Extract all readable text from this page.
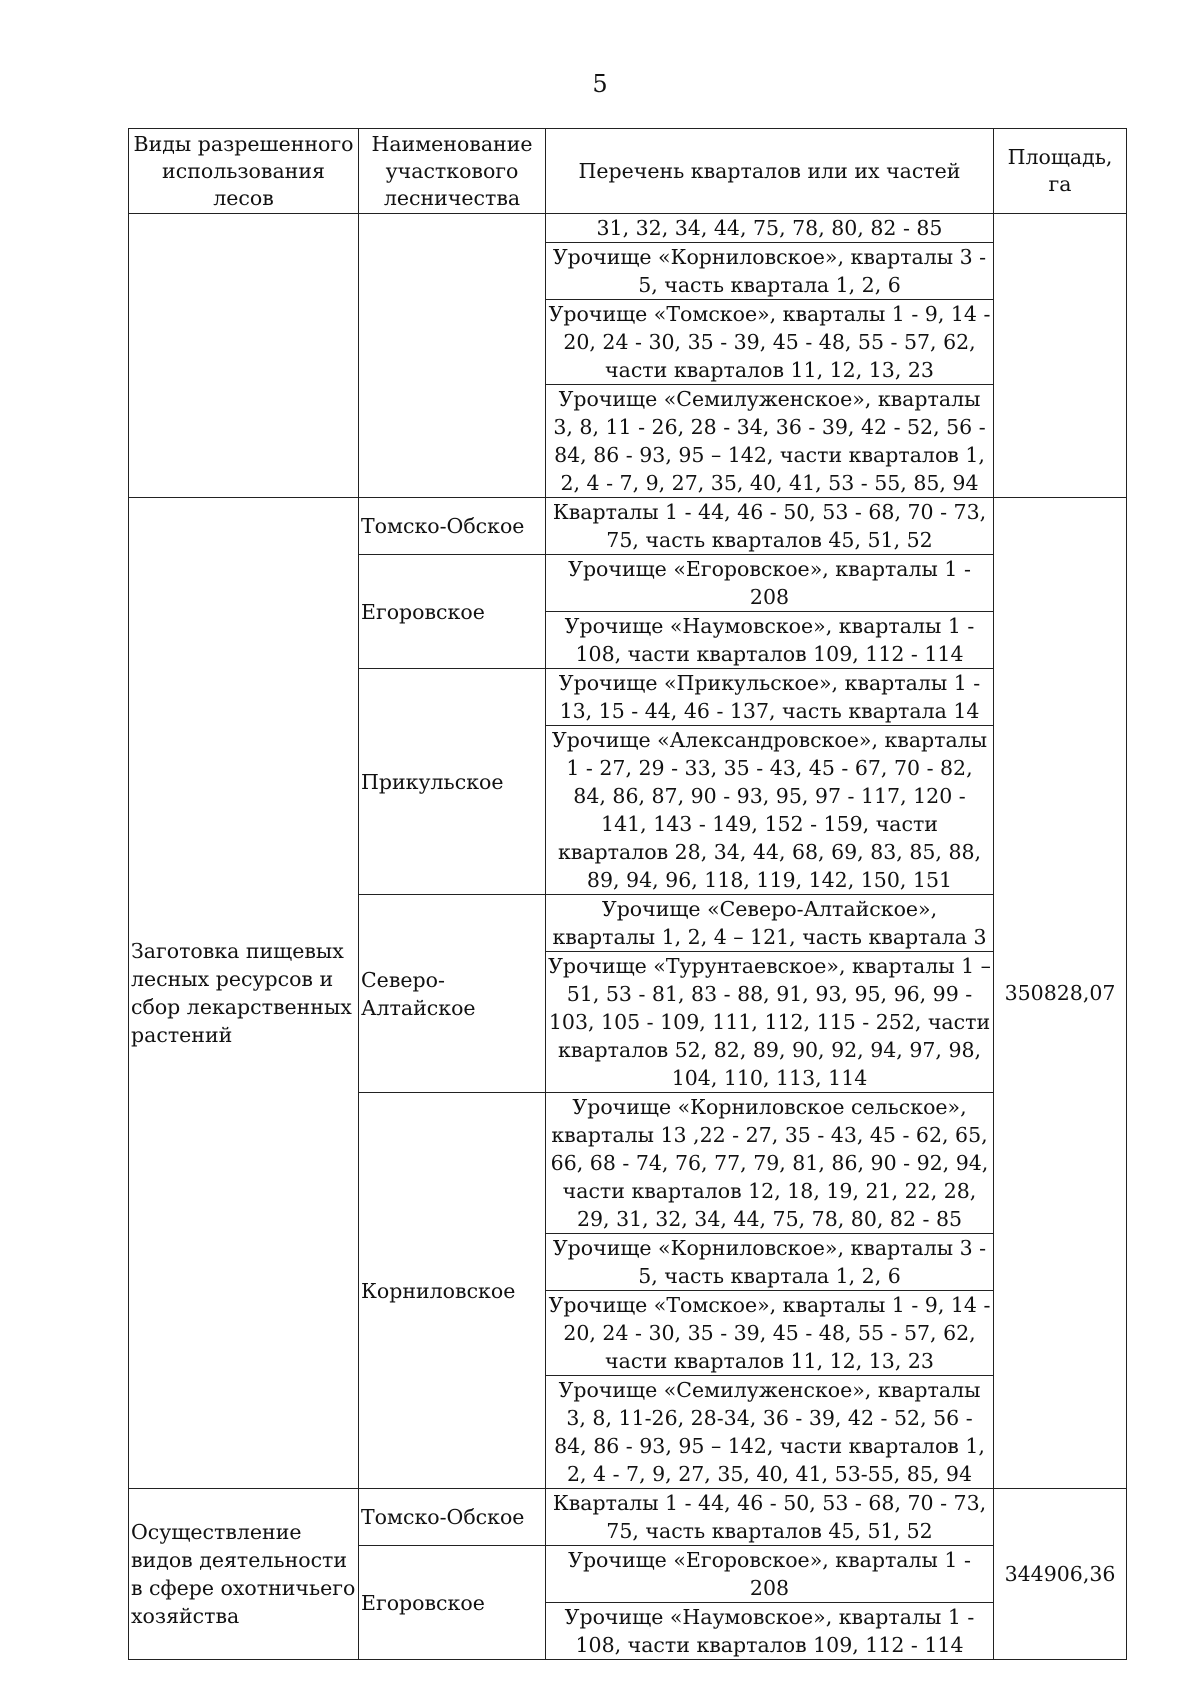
5
Виды разрешенного использования лесов	Наименование участкового лесничества	Перечень кварталов или их частей	Площадь, га
		31, 32, 34, 44, 75, 78, 80, 82 - 85	
		Урочище «Корниловское», кварталы 3 - 5, часть квартала 1, 2, 6	
		Урочище «Томское», кварталы 1 - 9, 14 - 20, 24 - 30, 35 - 39, 45 - 48, 55 - 57, 62, части кварталов 11, 12, 13, 23	
		Урочище «Семилуженское», кварталы 3, 8, 11 - 26, 28 - 34, 36 - 39, 42 - 52, 56 - 84, 86 - 93, 95 – 142, части кварталов 1, 2, 4 - 7, 9, 27, 35, 40, 41, 53 - 55, 85, 94	
Заготовка пищевых лесных ресурсов и сбор лекарственных растений	Томско-Обское	Кварталы 1 - 44, 46 - 50, 53 - 68, 70 - 73, 75, часть кварталов 45, 51, 52	350828,07
	Егоровское	Урочище «Егоровское», кварталы 1 - 208	
		Урочище «Наумовское», кварталы 1 - 108, части кварталов 109, 112 - 114	
	Прикульское	Урочище «Прикульское», кварталы 1 - 13, 15 - 44, 46 - 137, часть квартала 14	
		Урочище «Александровское», кварталы 1 - 27, 29 - 33, 35 - 43, 45 - 67, 70 - 82, 84, 86, 87, 90 - 93, 95, 97 - 117, 120 - 141, 143 - 149, 152 - 159, части кварталов 28, 34, 44, 68, 69, 83, 85, 88, 89, 94, 96, 118, 119, 142, 150, 151	
	Северо-Алтайское	Урочище «Северо-Алтайское», кварталы 1, 2, 4 – 121, часть квартала 3	
		Урочище «Турунтаевское», кварталы 1 – 51, 53 - 81, 83 - 88, 91, 93, 95, 96, 99 - 103, 105 - 109, 111, 112, 115 - 252, части кварталов 52, 82, 89, 90, 92, 94, 97, 98, 104, 110, 113, 114	
	Корниловское	Урочище «Корниловское сельское», кварталы 13 ,22 - 27, 35 - 43, 45 - 62, 65, 66, 68 - 74, 76, 77, 79, 81, 86, 90 - 92, 94, части кварталов 12, 18, 19, 21, 22, 28, 29, 31, 32, 34, 44, 75, 78, 80, 82 - 85	
		Урочище «Корниловское», кварталы 3 - 5, часть квартала 1, 2, 6	
		Урочище «Томское», кварталы 1 - 9, 14 - 20, 24 - 30, 35 - 39, 45 - 48, 55 - 57, 62, части кварталов 11, 12, 13, 23	
		Урочище «Семилуженское», кварталы 3, 8, 11-26, 28-34, 36 - 39, 42 - 52, 56 - 84, 86 - 93, 95 – 142, части кварталов 1, 2, 4 - 7, 9, 27, 35, 40, 41, 53-55, 85, 94	
Осуществление видов деятельности в сфере охотничьего хозяйства	Томско-Обское	Кварталы 1 - 44, 46 - 50, 53 - 68, 70 - 73, 75, часть кварталов 45, 51, 52	344906,36
	Егоровское	Урочище «Егоровское», кварталы 1 - 208	
		Урочище «Наумовское», кварталы 1 - 108, части кварталов 109, 112 - 114	
